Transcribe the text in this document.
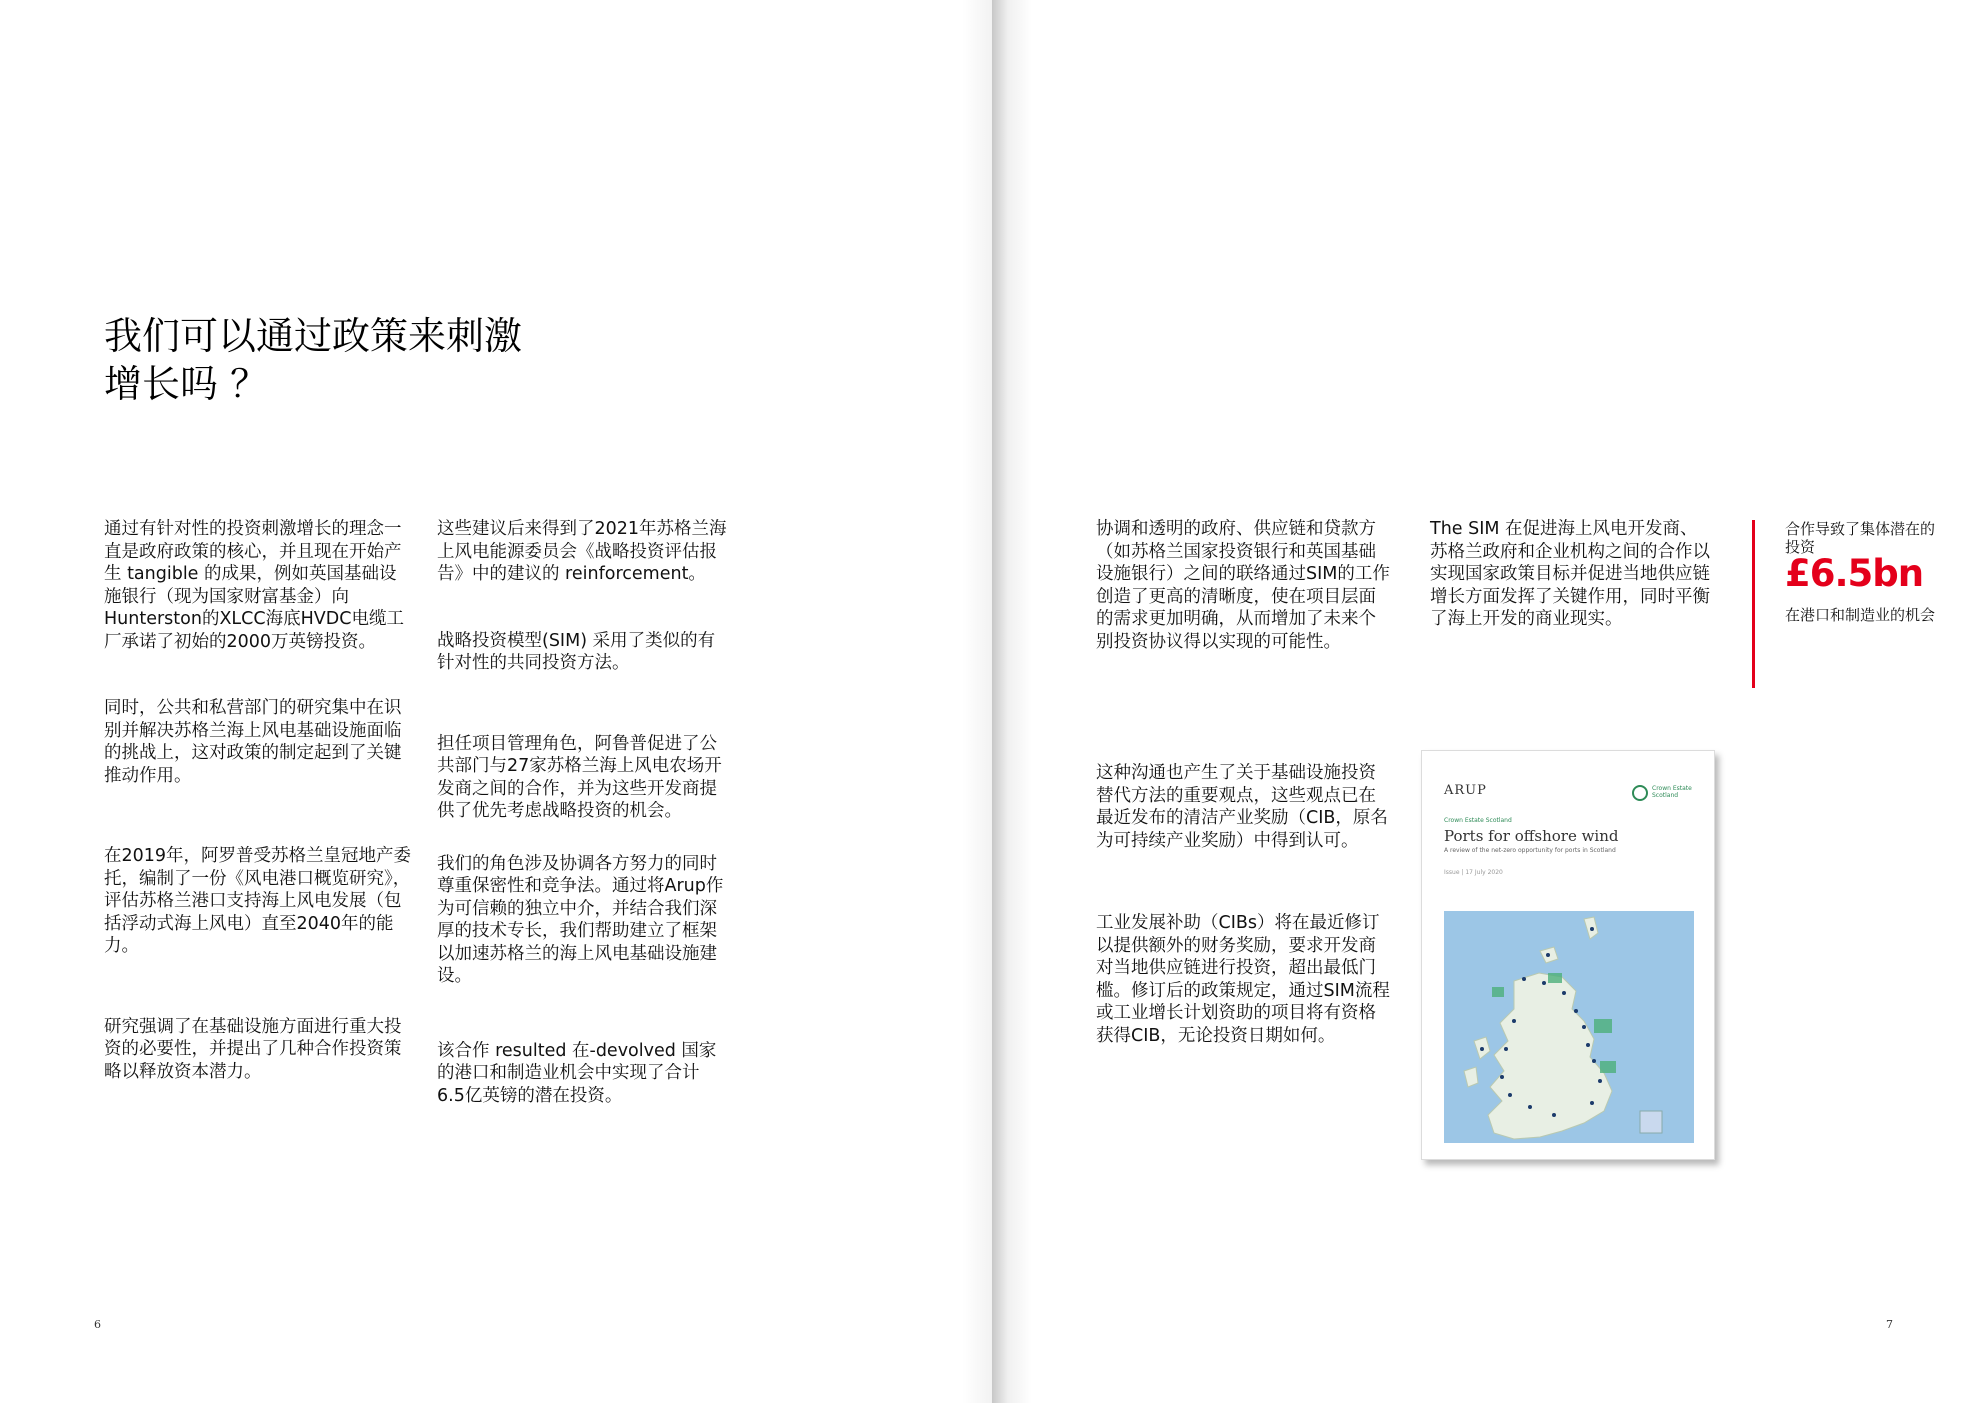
我们可以通过政策来刺激
增长吗 ？

通过有针对性的投资刺激增长的理念一直是政府政策的核心，并且现在开始产生 tangible 的成果，例如英国基础设施银行（现为国家财富基金）向Hunterston的XLCC海底HVDC电缆工厂承诺了初始的2000万英镑投资。

同时，公共和私营部门的研究集中在识别并解决苏格兰海上风电基础设施面临的挑战上，这对政策的制定起到了关键推动作用。

在2019年，阿罗普受苏格兰皇冠地产委托，编制了一份《风电港口概览研究》，评估苏格兰港口支持海上风电发展（包括浮动式海上风电）直至2040年的能力。

研究强调了在基础设施方面进行重大投资的必要性，并提出了几种合作投资策略以释放资本潜力。

这些建议后来得到了2021年苏格兰海上风电能源委员会《战略投资评估报告》中的建议的 reinforcement。

战略投资模型(SIM) 采用了类似的有针对性的共同投资方法。

担任项目管理角色，阿鲁普促进了公共部门与27家苏格兰海上风电农场开发商之间的合作，并为这些开发商提供了优先考虑战略投资的机会。

我们的角色涉及协调各方努力的同时尊重保密性和竞争法。通过将Arup作为可信赖的独立中介，并结合我们深厚的技术专长，我们帮助建立了框架以加速苏格兰的海上风电基础设施建设。

该合作 resulted 在-devolved 国家的港口和制造业机会中实现了合计6.5亿英镑的潜在投资。

6

协调和透明的政府、供应链和贷款方（如苏格兰国家投资银行和英国基础设施银行）之间的联络通过SIM的工作创造了更高的清晰度，使在项目层面的需求更加明确，从而增加了未来个别投资协议得以实现的可能性。

这种沟通也产生了关于基础设施投资替代方法的重要观点，这些观点已在最近发布的清洁产业奖励（CIB，原名为可持续产业奖励）中得到认可。

工业发展补助（CIBs）将在最近修订以提供额外的财务奖励，要求开发商对当地供应链进行投资，超出最低门槛。修订后的政策规定，通过SIM流程或工业增长计划资助的项目将有资格获得CIB，无论投资日期如何。

The SIM 在促进海上风电开发商、苏格兰政府和企业机构之间的合作以实现国家政策目标并促进当地供应链增长方面发挥了关键作用，同时平衡了海上开发的商业现实。

合作导致了集体潜在的投资
£6.5bn
在港口和制造业的机会
ARUP	Crown Estate Scotland
Crown Estate Scotland
Ports for offshore wind
A review of the net-zero opportunity for ports in Scotland
Issue | 17 July 2020
7
